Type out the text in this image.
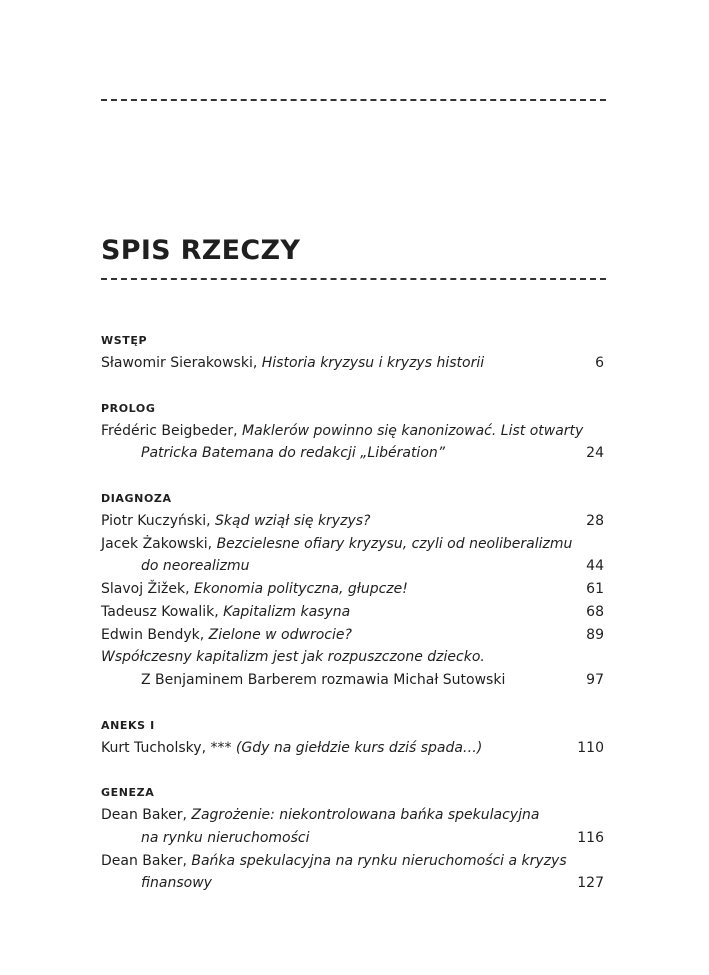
SPIS RZECZY
WSTĘP
Sławomir Sierakowski, Historia kryzysu i kryzys historii	6
PROLOG
Frédéric Beigbeder, Maklerów powinno się kanonizować. List otwarty
Patricka Batemana do redakcji „Libération”	24
DIAGNOZA
Piotr Kuczyński, Skąd wziął się kryzys?	28
Jacek Żakowski, Bezcielesne ofiary kryzysu, czyli od neoliberalizmu
do neorealizmu	44
Slavoj Žižek, Ekonomia polityczna, głupcze!	61
Tadeusz Kowalik, Kapitalizm kasyna	68
Edwin Bendyk, Zielone w odwrocie?	89
Współczesny kapitalizm jest jak rozpuszczone dziecko.
Z Benjaminem Barberem rozmawia Michał Sutowski	97
ANEKS I
Kurt Tucholsky, *** (Gdy na giełdzie kurs dziś spada…)	110
GENEZA
Dean Baker, Zagrożenie: niekontrolowana bańka spekulacyjna
na rynku nieruchomości	116
Dean Baker, Bańka spekulacyjna na rynku nieruchomości a kryzys
finansowy	127
